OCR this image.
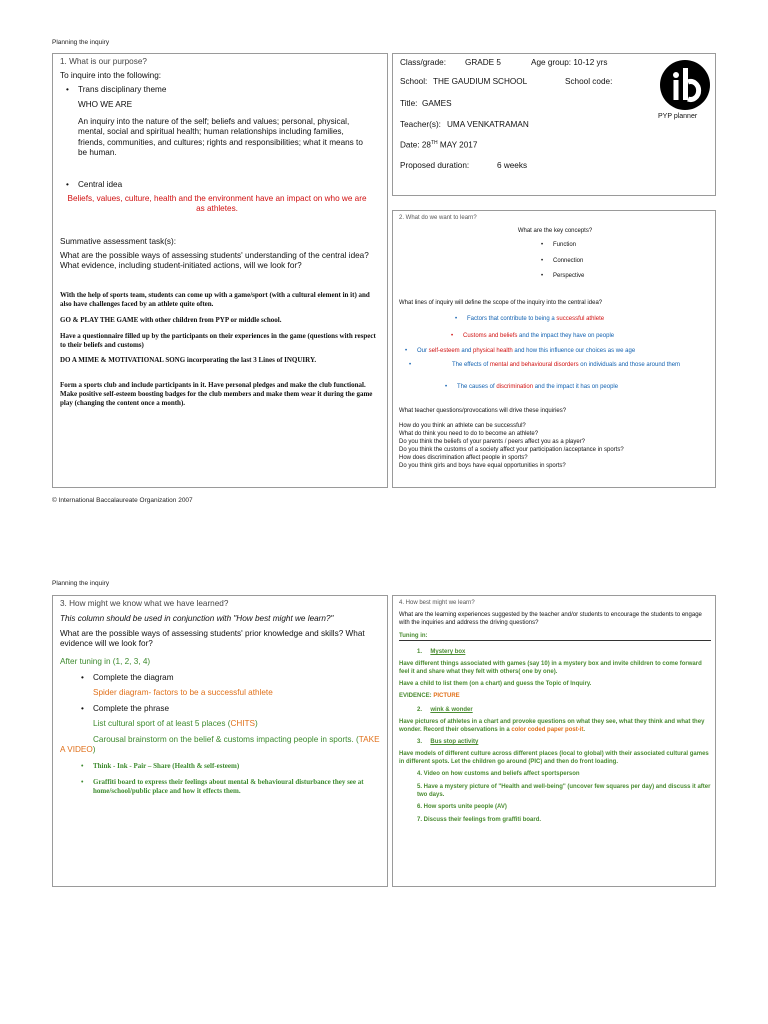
Planning the inquiry
1. What is our purpose?
To inquire into the following:
• Trans disciplinary theme
WHO WE ARE
An inquiry into the nature of the self; beliefs and values; personal, physical, mental, social and spiritual health; human relationships including families, friends, communities, and cultures; rights and responsibilities; what it means to be human.
• Central idea
Beliefs, values, culture, health and the environment have an impact on who we are as athletes.
Summative assessment task(s):
What are the possible ways of assessing students' understanding of the central idea? What evidence, including student-initiated actions, will we look for?
With the help of sports team, students can come up with a game/sport (with a cultural element in it) and also have challenges faced by an athlete quite often.
GO & PLAY THE GAME with other children from PYP or middle school.
Have a questionnaire filled up by the participants on their experiences in the game (questions with respect to their beliefs and customs)
DO A MIME & MOTIVATIONAL SONG incorporating the last 3 Lines of INQUIRY.
Form a sports club and include participants in it. Have personal pledges and make the club functional. Make positive self-esteem boosting badges for the club members and make them wear it during the game play (changing the content once a month).
Class/grade: GRADE 5	Age group: 10-12 yrs
School: THE GAUDIUM SCHOOL	School code:
Title: GAMES
Teacher(s): UMA VENKATRAMAN
Date: 28TH MAY 2017
Proposed duration:	6 weeks
PYP planner
2. What do we want to learn?
What are the key concepts?
• Function
• Connection
• Perspective
What lines of inquiry will define the scope of the inquiry into the central idea?
• Factors that contribute to being a successful athlete
• Customs and beliefs and the impact they have on people
• Our self-esteem and physical health and how this influence our choices as we age
• The effects of mental and behavioural disorders on individuals and those around them
• The causes of discrimination and the impact it has on people
What teacher questions/provocations will drive these inquiries?
How do you think an athlete can be successful?
What do think you need to do to become an athlete?
Do you think the beliefs of your parents / peers affect you as a player?
Do you think the customs of a society affect your participation /acceptance in sports?
How does discrimination affect people in sports?
Do you think girls and boys have equal opportunities in sports?
© International Baccalaureate Organization 2007
Planning the inquiry
3. How might we know what we have learned?
This column should be used in conjunction with "How best might we learn?"
What are the possible ways of assessing students' prior knowledge and skills? What evidence will we look for?
After tuning in (1, 2, 3, 4)
• Complete the diagram
Spider diagram- factors to be a successful athlete
• Complete the phrase
List cultural sport of at least 5 places (CHITS)
Carousal brainstorm on the belief & customs impacting people in sports. (TAKE A VIDEO)
• Think - Ink - Pair – Share (Health & self-esteem)
• Graffiti board to express their feelings about mental & behavioural disturbance they see at home/school/public place and how it effects them.
4. How best might we learn?
What are the learning experiences suggested by the teacher and/or students to encourage the students to engage with the inquiries and address the driving questions?
Tuning in:
1. Mystery box
Have different things associated with games (say 10) in a mystery box and invite children to come forward feel it and share what they felt with others( one by one).
Have a child to list them (on a chart) and guess the Topic of Inquiry.
EVIDENCE: PICTURE
2. wink & wonder
Have pictures of athletes in a chart and provoke questions on what they see, what they think and what they wonder. Record their observations in a color coded paper post-it.
3. Bus stop activity
Have models of different culture across different places (local to global) with their associated cultural games in different spots. Let the children go around (PIC) and then do front loading.
4. Video on how customs and beliefs affect sportsperson
5. Have a mystery picture of "Health and well-being" (uncover few squares per day) and discuss it after two days.
6. How sports unite people (AV)
7. Discuss their feelings from graffiti board.
